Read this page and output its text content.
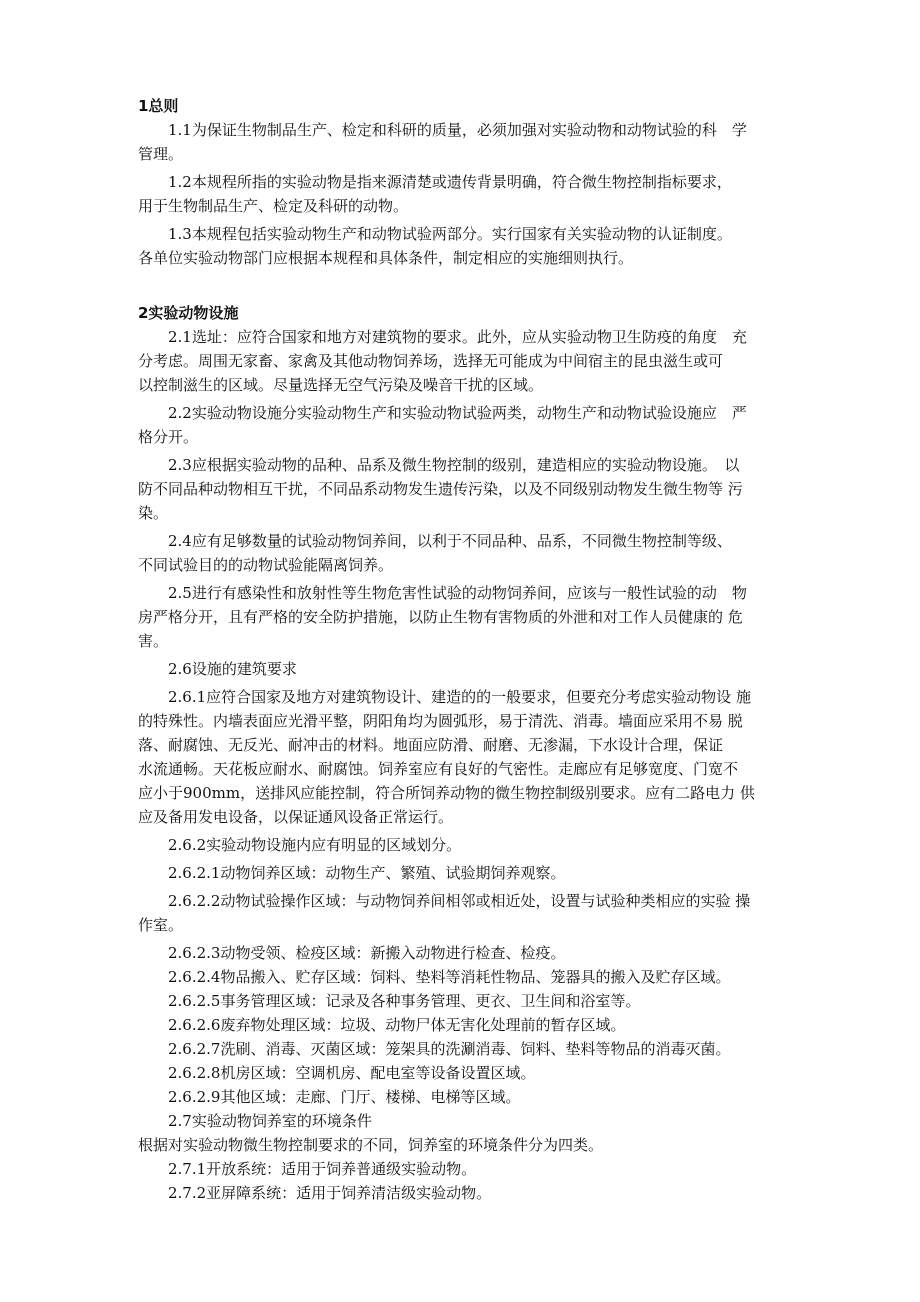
1总则
1.1为保证生物制品生产、检定和科研的质量，必须加强对实验动物和动物试验的科　学
管理。
1.2本规程所指的实验动物是指来源清楚或遗传背景明确，符合微生物控制指标要求，
用于生物制品生产、检定及科研的动物。
1.3本规程包括实验动物生产和动物试验两部分。实行国家有关实验动物的认证制度。
各单位实验动物部门应根据本规程和具体条件，制定相应的实施细则执行。
2实验动物设施
2.1选址：应符合国家和地方对建筑物的要求。此外，应从实验动物卫生防疫的角度　充
分考虑。周围无家畜、家禽及其他动物饲养场，选择无可能成为中间宿主的昆虫滋生或可
以控制滋生的区域。尽量选择无空气污染及噪音干扰的区域。
2.2实验动物设施分实验动物生产和实验动物试验两类，动物生产和动物试验设施应　严
格分开。
2.3应根据实验动物的品种、品系及微生物控制的级别，建造相应的实验动物设施。　以
防不同品种动物相互干扰，不同品系动物发生遗传污染，以及不同级别动物发生微生物等 污
染。
2.4应有足够数量的试验动物饲养间，以利于不同品种、品系，不同微生物控制等级、
不同试验目的的动物试验能隔离饲养。
2.5进行有感染性和放射性等生物危害性试验的动物饲养间，应该与一般性试验的动　物
房严格分开，且有严格的安全防护措施，以防止生物有害物质的外泄和对工作人员健康的 危
害。
2.6设施的建筑要求
2.6.1应符合国家及地方对建筑物设计、建造的的一般要求，但要充分考虑实验动物设 施
的特殊性。内墙表面应光滑平整，阴阳角均为圆弧形，易于清洗、消毒。墙面应采用不易 脱
落、耐腐蚀、无反光、耐冲击的材料。地面应防滑、耐磨、无渗漏，下水设计合理，保证
水流通畅。天花板应耐水、耐腐蚀。饲养室应有良好的气密性。走廊应有足够宽度、门宽不
应小于900mm，送排风应能控制，符合所饲养动物的微生物控制级别要求。应有二路电力 供
应及备用发电设备，以保证通风设备正常运行。
2.6.2实验动物设施内应有明显的区域划分。
2.6.2.1动物饲养区域：动物生产、繁殖、试验期饲养观察。
2.6.2.2动物试验操作区域：与动物饲养间相邻或相近处，设置与试验种类相应的实验 操
作室。
2.6.2.3动物受领、检疫区域：新搬入动物进行检查、检疫。
2.6.2.4物品搬入、贮存区域：饲料、垫料等消耗性物品、笼器具的搬入及贮存区域。
2.6.2.5事务管理区域：记录及各种事务管理、更衣、卫生间和浴室等。
2.6.2.6废弃物处理区域：垃圾、动物尸体无害化处理前的暂存区域。
2.6.2.7洗刷、消毒、灭菌区域：笼架具的洗涮消毒、饲料、垫料等物品的消毒灭菌。
2.6.2.8机房区域：空调机房、配电室等设备设置区域。
2.6.2.9其他区域：走廊、门厅、楼梯、电梯等区域。
2.7实验动物饲养室的环境条件
根据对实验动物微生物控制要求的不同，饲养室的环境条件分为四类。
2.7.1开放系统：适用于饲养普通级实验动物。
2.7.2亚屏障系统：适用于饲养清洁级实验动物。
